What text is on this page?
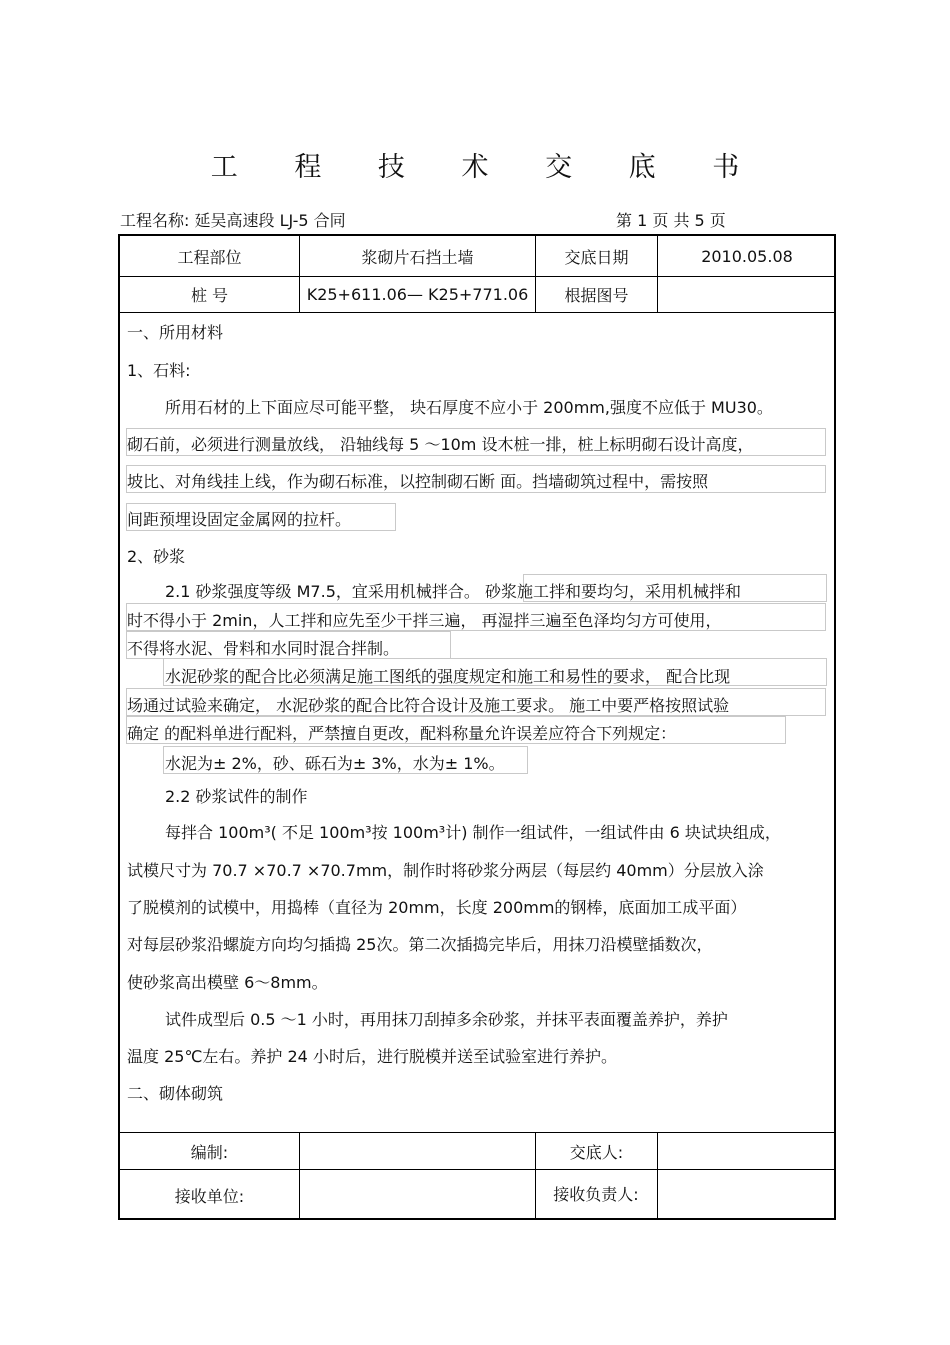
工 程 技 术 交 底 书
工程名称: 延吴高速段 LJ-5 合同	第 1 页 共 5 页
工程部位	浆砌片石挡土墙	交底日期	2010.05.08
桩 号	K25+611.06— K25+771.06	根据图号
编制:	交底人:
接收单位:	接收负责人:
一、所用材料
1、石料:
所用石材的上下面应尽可能平整， 块石厚度不应小于 200mm,强度不应低于 MU30。
砌石前，必须进行测量放线， 沿轴线每 5 ～10m 设木桩一排，桩上标明砌石设计高度，
坡比、对角线挂上线，作为砌石标准，以控制砌石断 面。挡墙砌筑过程中，需按照
间距预埋设固定金属网的拉杆。
2、砂浆
2.1 砂浆强度等级 M7.5，宜采用机械拌合。 砂浆施工拌和要均匀，采用机械拌和
时不得小于 2min，人工拌和应先至少干拌三遍， 再湿拌三遍至色泽均匀方可使用，
不得将水泥、骨料和水同时混合拌制。
水泥砂浆的配合比必须满足施工图纸的强度规定和施工和易性的要求， 配合比现
场通过试验来确定， 水泥砂浆的配合比符合设计及施工要求。 施工中要严格按照试验
确定 的配料单进行配料，严禁擅自更改，配料称量允许误差应符合下列规定：
水泥为± 2%，砂、砾石为± 3%，水为± 1%。
2.2 砂浆试件的制作
每拌合 100m³( 不足 100m³按 100m³计) 制作一组试件，一组试件由 6 块试块组成，
试模尺寸为 70.7 ×70.7 ×70.7mm，制作时将砂浆分两层（每层约 40mm）分层放入涂
了脱模剂的试模中，用捣棒（直径为 20mm，长度 200mm的钢棒，底面加工成平面）
对每层砂浆沿螺旋方向均匀插捣 25次。第二次插捣完毕后，用抹刀沿模壁插数次，
使砂浆高出模壁 6～8mm。
试件成型后 0.5 ～1 小时，再用抹刀刮掉多余砂浆，并抹平表面覆盖养护，养护
温度 25℃左右。养护 24 小时后，进行脱模并送至试验室进行养护。
二、砌体砌筑
